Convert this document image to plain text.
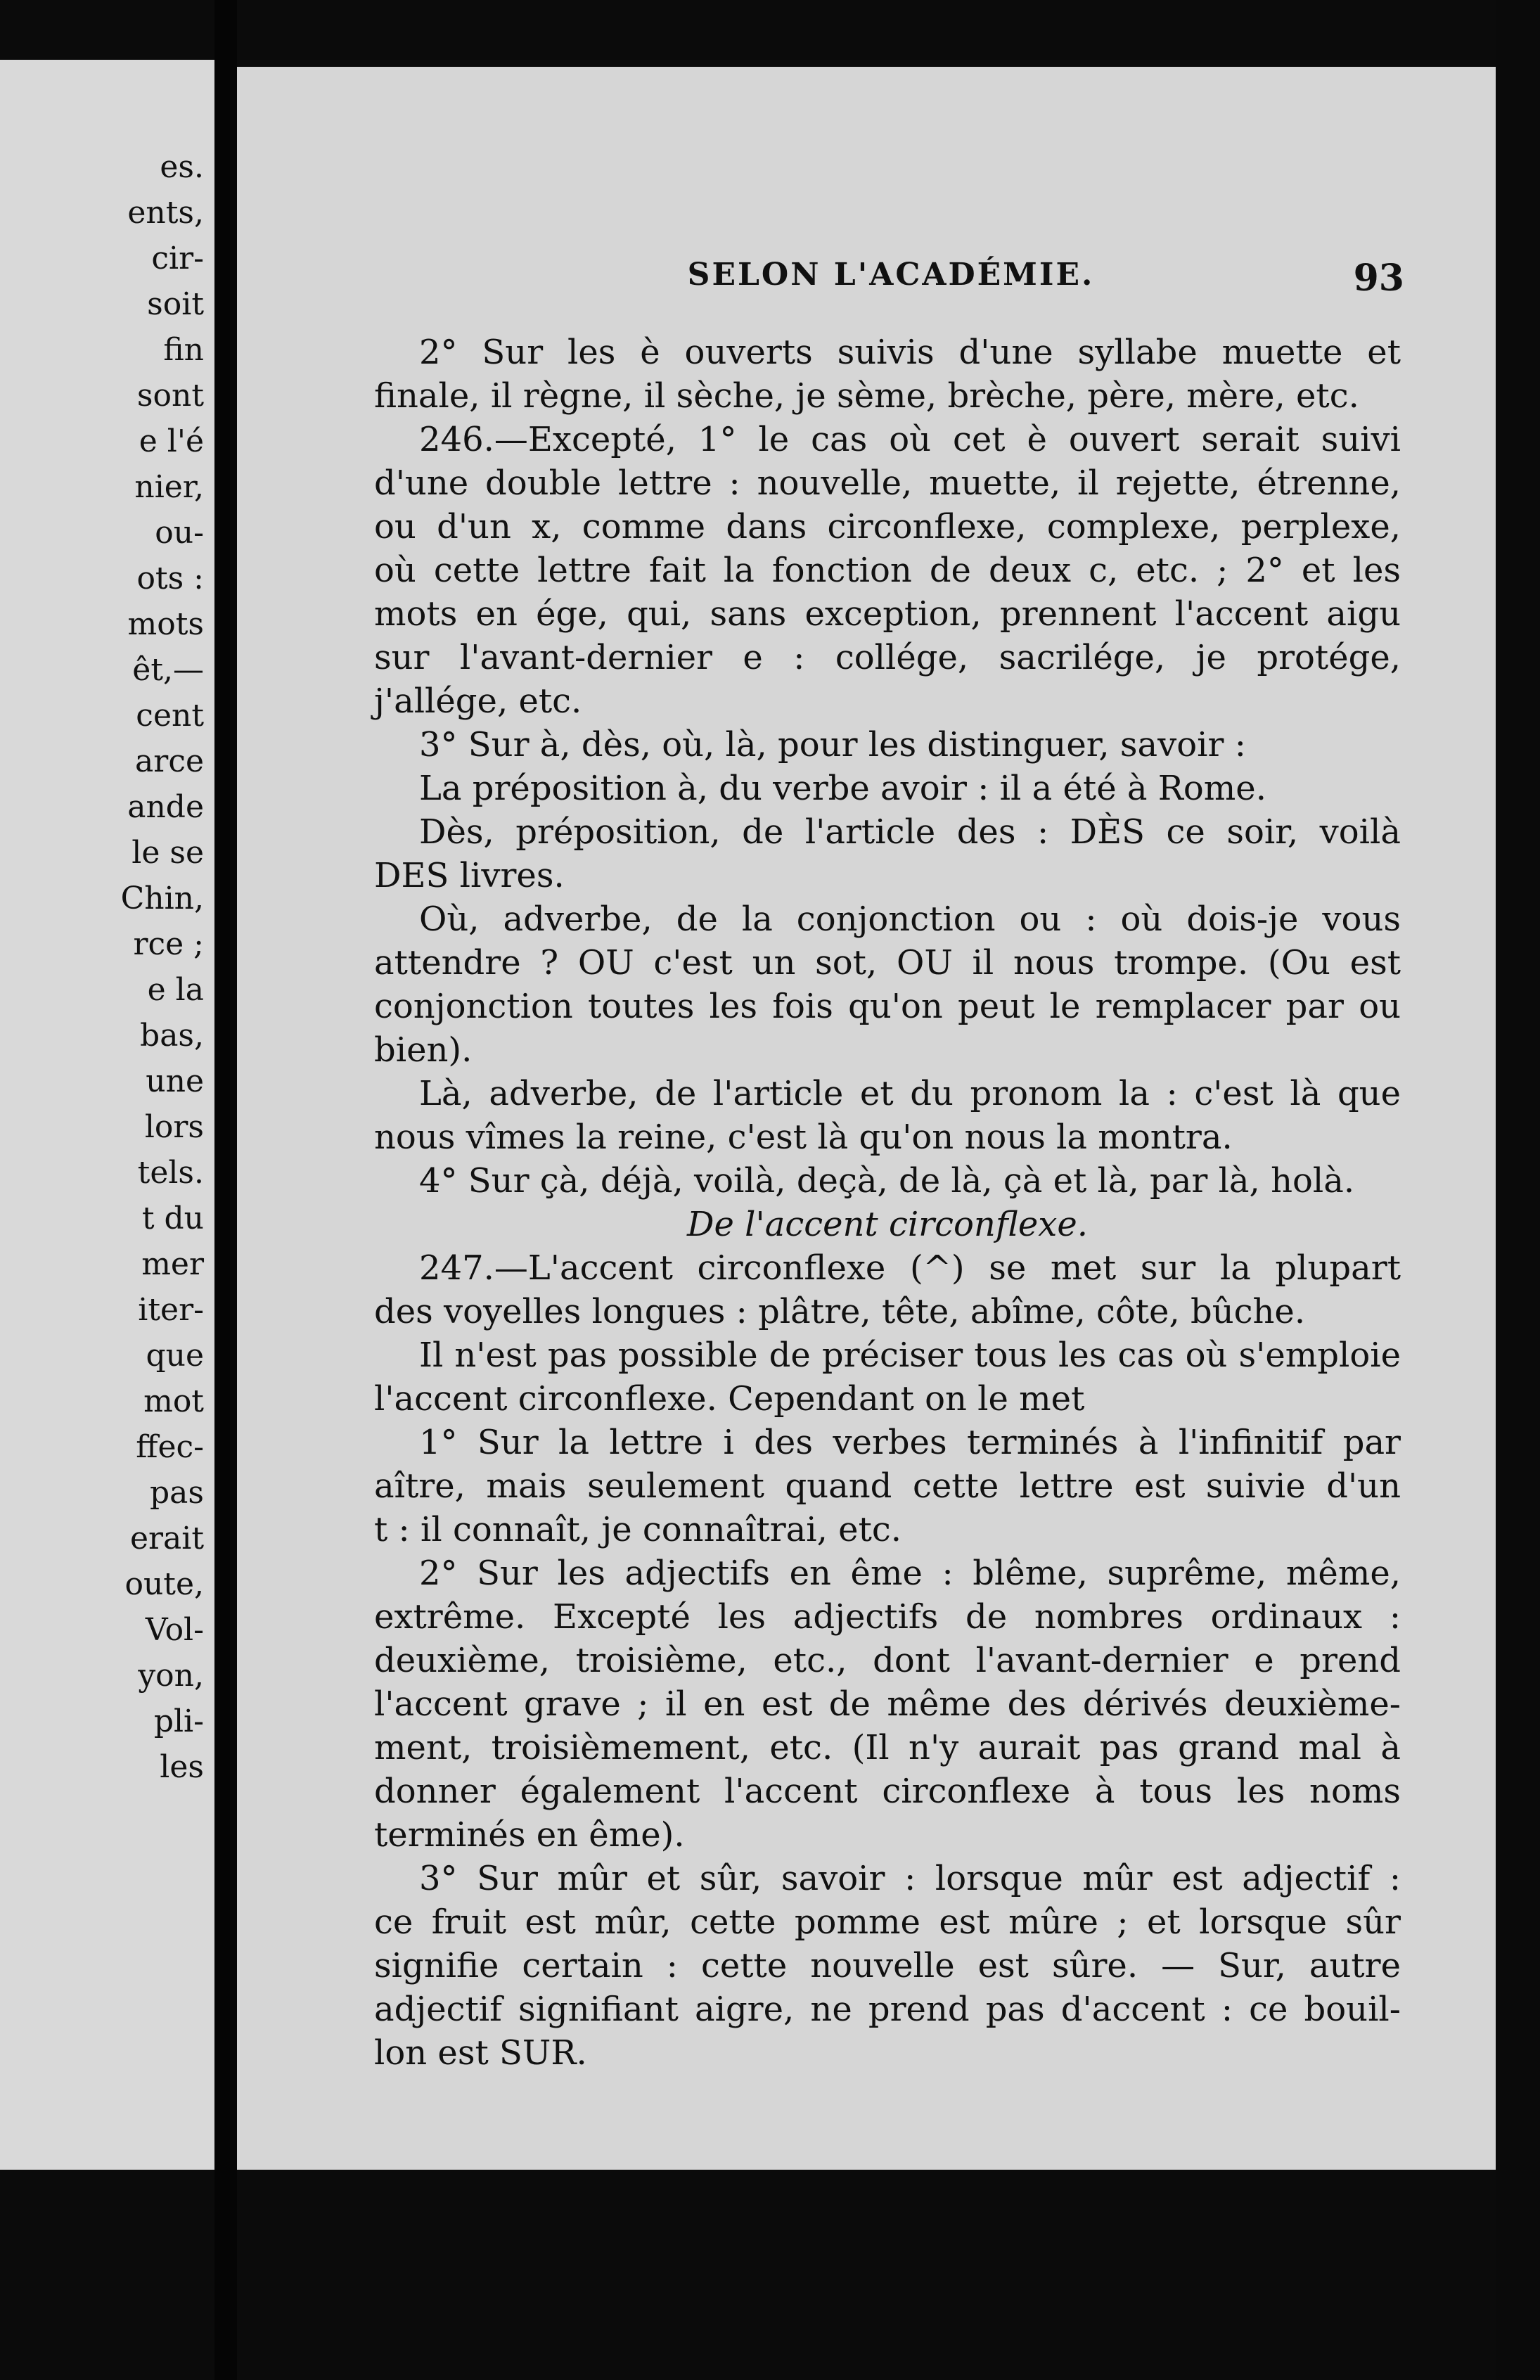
es.
ents,
cir-
soit
fin
sont
e l'é
nier,
ou-
ots :
mots
êt,—
cent
arce
ande
le se
Chin,
rce ;
e la
bas,
une
lors
tels.
t du
mer
iter-
que
mot
ffec-
pas
erait
oute,
Vol-
yon,
pli-
les
SELON L'ACADÉMIE.	93
2° Sur les è ouverts suivis d'une syllabe muette et
finale, il règne, il sèche, je sème, brèche, père, mère, etc.
246.—Excepté, 1° le cas où cet è ouvert serait suivi
d'une double lettre : nouvelle, muette, il rejette, étrenne,
ou d'un x, comme dans circonflexe, complexe, perplexe,
où cette lettre fait la fonction de deux c, etc. ; 2° et les
mots en ége, qui, sans exception, prennent l'accent aigu
sur l'avant-dernier e : collége, sacrilége, je protége,
j'allége, etc.
3° Sur à, dès, où, là, pour les distinguer, savoir :
La préposition à, du verbe avoir : il a été à Rome.
Dès, préposition, de l'article des : DÈS ce soir, voilà
DES livres.
Où, adverbe, de la conjonction ou : où dois-je vous
attendre ? OU c'est un sot, OU il nous trompe. (Ou est
conjonction toutes les fois qu'on peut le remplacer par ou
bien).
Là, adverbe, de l'article et du pronom la : c'est là que
nous vîmes la reine, c'est là qu'on nous la montra.
4° Sur çà, déjà, voilà, deçà, de là, çà et là, par là, holà.
De l'accent circonflexe.
247.—L'accent circonflexe (^) se met sur la plupart
des voyelles longues : plâtre, tête, abîme, côte, bûche.
Il n'est pas possible de préciser tous les cas où s'emploie
l'accent circonflexe. Cependant on le met
1° Sur la lettre i des verbes terminés à l'infinitif par
aître, mais seulement quand cette lettre est suivie d'un
t : il connaît, je connaîtrai, etc.
2° Sur les adjectifs en ême : blême, suprême, même,
extrême. Excepté les adjectifs de nombres ordinaux :
deuxième, troisième, etc., dont l'avant-dernier e prend
l'accent grave ; il en est de même des dérivés deuxième-
ment, troisièmement, etc. (Il n'y aurait pas grand mal à
donner également l'accent circonflexe à tous les noms
terminés en ême).
3° Sur mûr et sûr, savoir : lorsque mûr est adjectif :
ce fruit est mûr, cette pomme est mûre ; et lorsque sûr
signifie certain : cette nouvelle est sûre. — Sur, autre
adjectif signifiant aigre, ne prend pas d'accent : ce bouil-
lon est SUR.
